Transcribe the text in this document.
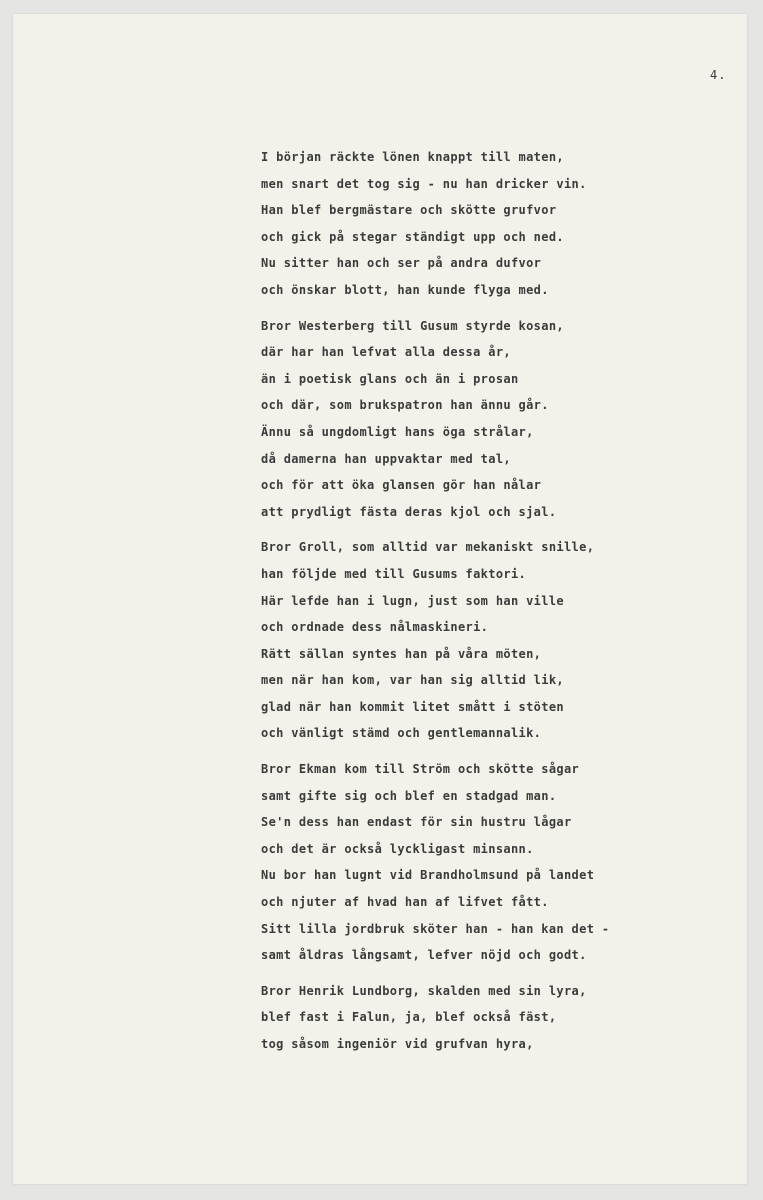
4.
I början räckte lönen knappt till maten,
men snart det tog sig - nu han dricker vin.
Han blef bergmästare och skötte grufvor
och gick på stegar ständigt upp och ned.
Nu sitter han och ser på andra dufvor
och önskar blott, han kunde flyga med.
Bror Westerberg till Gusum styrde kosan,
där har han lefvat alla dessa år,
än i poetisk glans och än i prosan
och där, som brukspatron han ännu går.
Ännu så ungdomligt hans öga strålar,
då damerna han uppvaktar med tal,
och för att öka glansen gör han nålar
att prydligt fästa deras kjol och sjal.
Bror Groll, som alltid var mekaniskt snille,
han följde med till Gusums faktori.
Här lefde han i lugn, just som han ville
och ordnade dess nålmaskineri.
Rätt sällan syntes han på våra möten,
men när han kom, var han sig alltid lik,
glad när han kommit litet smått i stöten
och vänligt stämd och gentlemannalik.
Bror Ekman kom till Ström och skötte sågar
samt gifte sig och blef en stadgad man.
Se'n dess han endast för sin hustru lågar
och det är också lyckligast minsann.
Nu bor han lugnt vid Brandholmsund på landet
och njuter af hvad han af lifvet fått.
Sitt lilla jordbruk sköter han - han kan det -
samt åldras långsamt, lefver nöjd och godt.
Bror Henrik Lundborg, skalden med sin lyra,
blef fast i Falun, ja, blef också fäst,
tog såsom ingeniör vid grufvan hyra,
